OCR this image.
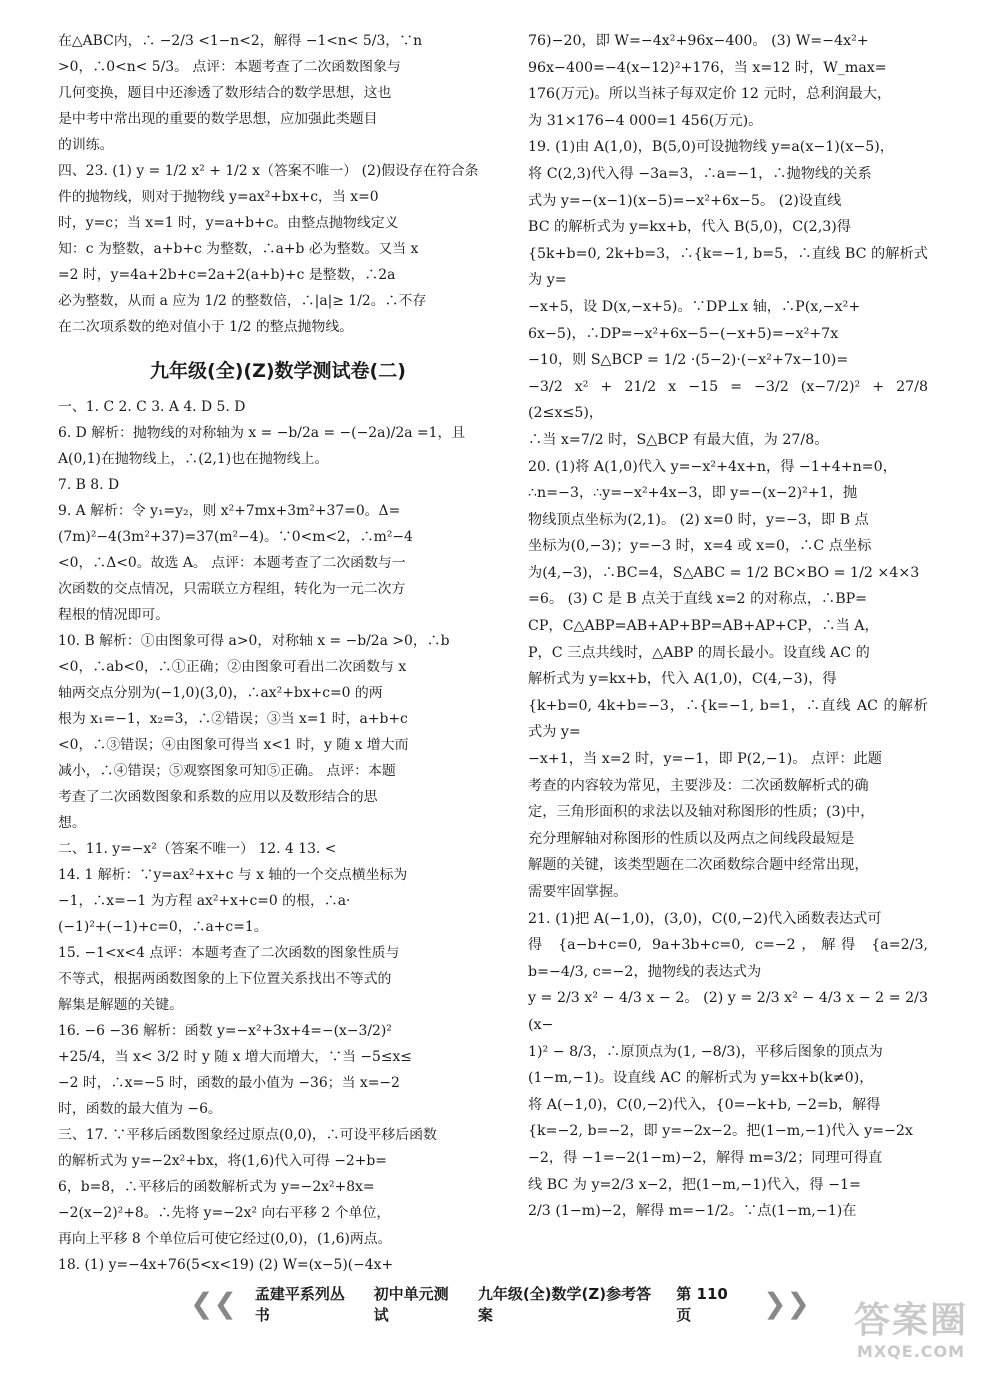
在△ABC内，∴ −2/3 <1−n<2，解得 −1<n< 5/3，∵n

>0，∴0<n< 5/3。 点评：本题考查了二次函数图象与

几何变换，题目中还渗透了数形结合的数学思想，这也

是中考中常出现的重要的数学思想，应加强此类题目

的训练。

四、23. (1) y = 1/2 x² + 1/2 x（答案不唯一） (2)假设存在符合条

件的抛物线，则对于抛物线 y=ax²+bx+c，当 x=0

时，y=c；当 x=1 时，y=a+b+c。由整点抛物线定义

知：c 为整数，a+b+c 为整数，∴a+b 必为整数。又当 x

=2 时，y=4a+2b+c=2a+2(a+b)+c 是整数，∴2a

必为整数，从而 a 应为 1/2 的整数倍，∴|a|≥ 1/2。∴不存

在二次项系数的绝对值小于 1/2 的整点抛物线。

九年级(全)(Z)数学测试卷(二)

一、1. C 2. C 3. A 4. D 5. D

6. D 解析：抛物线的对称轴为 x = −b/2a = −(−2a)/2a =1，且

A(0,1)在抛物线上，∴(2,1)也在抛物线上。

7. B 8. D

9. A 解析：令 y₁=y₂，则 x²+7mx+3m²+37=0。Δ=

(7m)²−4(3m²+37)=37(m²−4)。∵0<m<2，∴m²−4

<0，∴Δ<0。故选 A。 点评：本题考查了二次函数与一

次函数的交点情况，只需联立方程组，转化为一元二次方

程根的情况即可。

10. B 解析：①由图象可得 a>0，对称轴 x = −b/2a >0，∴b

<0，∴ab<0，∴①正确；②由图象可看出二次函数与 x

轴两交点分别为(−1,0)(3,0)，∴ax²+bx+c=0 的两

根为 x₁=−1，x₂=3，∴②错误；③当 x=1 时，a+b+c

<0，∴③错误；④由图象可得当 x<1 时，y 随 x 增大而

减小，∴④错误；⑤观察图象可知⑤正确。 点评：本题

考查了二次函数图象和系数的应用以及数形结合的思

想。

二、11. y=−x²（答案不唯一） 12. 4 13. <

14. 1 解析：∵y=ax²+x+c 与 x 轴的一个交点横坐标为

−1，∴x=−1 为方程 ax²+x+c=0 的根，∴a·

(−1)²+(−1)+c=0，∴a+c=1。

15. −1<x<4 点评：本题考查了二次函数的图象性质与

不等式，根据两函数图象的上下位置关系找出不等式的

解集是解题的关键。

16. −6 −36 解析：函数 y=−x²+3x+4=−(x−3/2)²

+25/4，当 x< 3/2 时 y 随 x 增大而增大，∵当 −5≤x≤

−2 时，∴x=−5 时，函数的最小值为 −36；当 x=−2

时，函数的最大值为 −6。

三、17. ∵平移后函数图象经过原点(0,0)，∴可设平移后函数

的解析式为 y=−2x²+bx，将(1,6)代入可得 −2+b=

6，b=8，∴平移后的函数解析式为 y=−2x²+8x=

−2(x−2)²+8。∴先将 y=−2x² 向右平移 2 个单位，

再向上平移 8 个单位后可使它经过(0,0)，(1,6)两点。

18. (1) y=−4x+76(5<x<19) (2) W=(x−5)(−4x+

76)−20，即 W=−4x²+96x−400。 (3) W=−4x²+

96x−400=−4(x−12)²+176，当 x=12 时，W_max=

176(万元)。所以当袜子每双定价 12 元时，总利润最大，

为 31×176−4 000=1 456(万元)。

19. (1)由 A(1,0)，B(5,0)可设抛物线 y=a(x−1)(x−5)，

将 C(2,3)代入得 −3a=3，∴a=−1，∴抛物线的关系

式为 y=−(x−1)(x−5)=−x²+6x−5。 (2)设直线

BC 的解析式为 y=kx+b，代入 B(5,0)，C(2,3)得

{5k+b=0, 2k+b=3，∴{k=−1, b=5，∴直线 BC 的解析式为 y=

−x+5，设 D(x,−x+5)。∵DP⊥x 轴，∴P(x,−x²+

6x−5)，∴DP=−x²+6x−5−(−x+5)=−x²+7x

−10，则 S△BCP = 1/2 ·(5−2)·(−x²+7x−10)=

−3/2 x² + 21/2 x −15 = −3/2 (x−7/2)² + 27/8 (2≤x≤5)，

∴当 x=7/2 时，S△BCP 有最大值，为 27/8。

20. (1)将 A(1,0)代入 y=−x²+4x+n，得 −1+4+n=0，

∴n=−3，∴y=−x²+4x−3，即 y=−(x−2)²+1，抛

物线顶点坐标为(2,1)。 (2) x=0 时，y=−3，即 B 点

坐标为(0,−3)；y=−3 时，x=4 或 x=0，∴C 点坐标

为(4,−3)，∴BC=4，S△ABC = 1/2 BC×BO = 1/2 ×4×3

=6。 (3) C 是 B 点关于直线 x=2 的对称点，∴BP=

CP，C△ABP=AB+AP+BP=AB+AP+CP，∴当 A，

P，C 三点共线时，△ABP 的周长最小。设直线 AC 的

解析式为 y=kx+b，代入 A(1,0)，C(4,−3)，得

{k+b=0, 4k+b=−3，∴{k=−1, b=1，∴直线 AC 的解析式为 y=

−x+1，当 x=2 时，y=−1，即 P(2,−1)。 点评：此题

考查的内容较为常见，主要涉及：二次函数解析式的确

定，三角形面积的求法以及轴对称图形的性质；(3)中，

充分理解轴对称图形的性质以及两点之间线段最短是

解题的关键，该类型题在二次函数综合题中经常出现，

需要牢固掌握。

21. (1)把 A(−1,0)，(3,0)，C(0,−2)代入函数表达式可

得 {a−b+c=0, 9a+3b+c=0, c=−2，解得 {a=2/3, b=−4/3, c=−2，抛物线的表达式为

y = 2/3 x² − 4/3 x − 2。 (2) y = 2/3 x² − 4/3 x − 2 = 2/3 (x−

1)² − 8/3，∴原顶点为(1, −8/3)，平移后图象的顶点为

(1−m,−1)。设直线 AC 的解析式为 y=kx+b(k≠0)，

将 A(−1,0)，C(0,−2)代入，{0=−k+b, −2=b，解得

{k=−2, b=−2，即 y=−2x−2。把(1−m,−1)代入 y=−2x

−2，得 −1=−2(1−m)−2，解得 m=3/2；同理可得直

线 BC 为 y=2/3 x−2，把(1−m,−1)代入，得 −1=

2/3 (1−m)−2，解得 m=−1/2。∵点(1−m,−1)在

❮❮ 孟建平系列丛书
初中单元测试
九年级(全)数学(Z)参考答案
第 110 页	❯❯	答案圈
MXQE.COM
